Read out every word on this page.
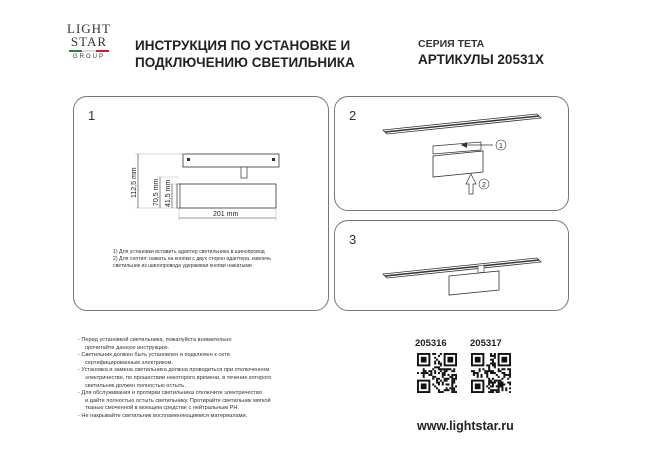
LIGHT
STAR
GROUP
ИНСТРУКЦИЯ ПО УСТАНОВКЕ И
ПОДКЛЮЧЕНИЮ СВЕТИЛЬНИКА
СЕРИЯ TETA
АРТИКУЛЫ 20531X
1
112,5 mm 70,5 mm 41,5 mm
201 mm
1) Для установки вставить адаптер светильника в шинопровод
2) Для снятия: нажать на кнопки с двух сторон адаптера, извлечь
светильник из шинопровода удерживая кнопки нажатыми
2
1
2
3
- Перед установкой светильника, пожалуйста внимательно
прочитайте данную инструкцию.
- Светильник должен быть установлен и подключен к сети
сертифицированным электриком.
- Установка и замена светильника должна проводиться при отключенном
электричестве, по прошествии некоторого времени, в течение которого
светильник должен полностью остыть.
- Для обслуживания и протирки светильника отключите электричество
и дайте полностью остыть светильнику. Протирайте светильник мягкой
тканью смоченной в моющем средстве с нейтральным PH.
- Не накрывайте светильник воспламеняющимися материалами.
205316 205317
www.lightstar.ru
